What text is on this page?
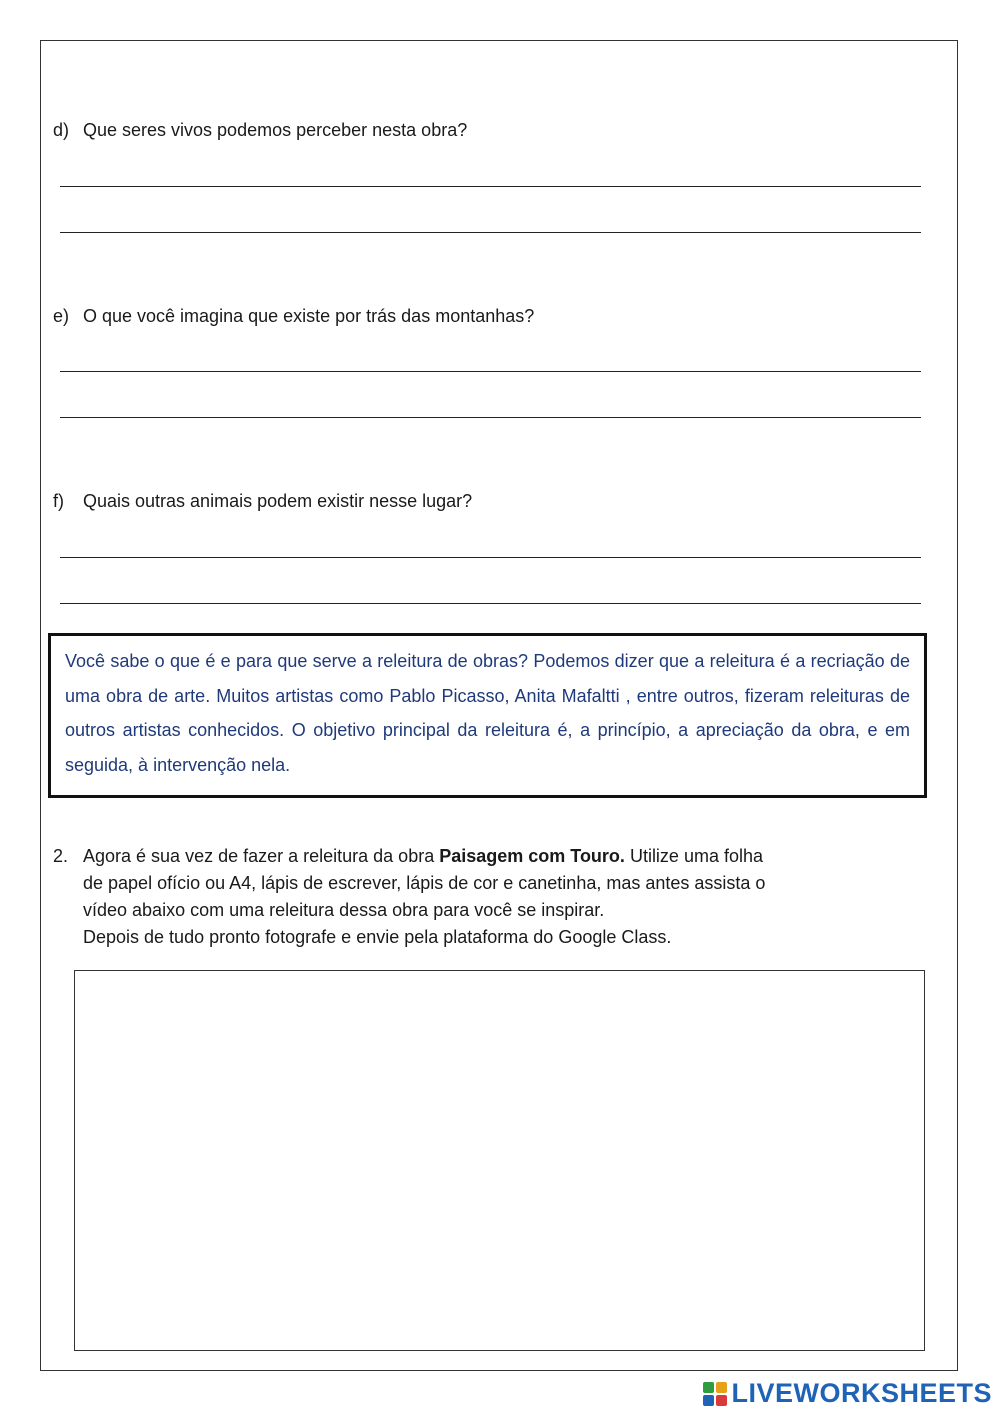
d) Que seres vivos podemos perceber nesta obra?
e) O que você imagina que existe por trás das montanhas?
f) Quais outras animais podem existir nesse lugar?

Você sabe o que é e para que serve a releitura de obras? Podemos dizer que a releitura é a recriação de uma obra de arte. Muitos artistas como Pablo Picasso, Anita Mafaltti , entre outros, fizeram releituras de outros artistas conhecidos. O objetivo principal da releitura é, a princípio, a apreciação da obra, e em seguida, à intervenção nela.

2. Agora é sua vez de fazer a releitura da obra Paisagem com Touro. Utilize uma folha
de papel ofício ou A4, lápis de escrever, lápis de cor e canetinha, mas antes assista o
vídeo abaixo com uma releitura dessa obra para você se inspirar.
Depois de tudo pronto fotografe e envie pela plataforma do Google Class.
LIVEWORKSHEETS
